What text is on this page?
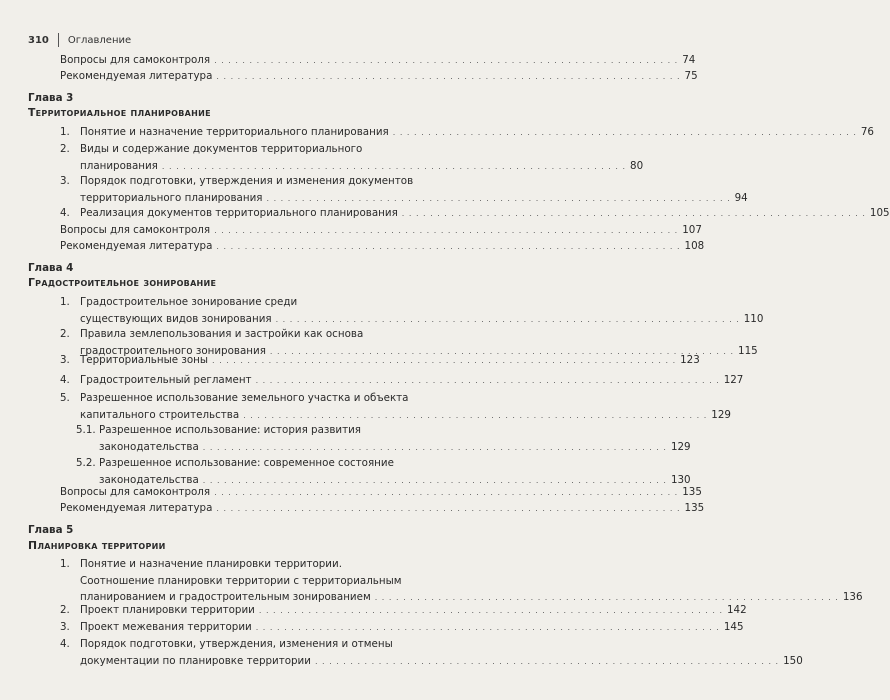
310 Оглавление
Вопросы для самоконтроля . . . . . . . . . . . . . . . . . . . . . . . . . . . . . . . . . . . . . . . . . . . . . . . . . . . . . . . . . . . . . . . . . . 74
Рекомендуемая литература . . . . . . . . . . . . . . . . . . . . . . . . . . . . . . . . . . . . . . . . . . . . . . . . . . . . . . . . . . . . . . . . . . 75
Глава 3
Территориальное планирование
1. Понятие и назначение территориального планирования . . . . . . . . . . . . . . . . . . . . . . . . . . . . . . . . . . . . . . . . . . . . . . . . . . . . . . . . . . . . . . . . . . 76
2. Виды и содержание документов территориального
планирования . . . . . . . . . . . . . . . . . . . . . . . . . . . . . . . . . . . . . . . . . . . . . . . . . . . . . . . . . . . . . . . . . . 80
3. Порядок подготовки, утверждения и изменения документов
территориального планирования . . . . . . . . . . . . . . . . . . . . . . . . . . . . . . . . . . . . . . . . . . . . . . . . . . . . . . . . . . . . . . . . . . 94
4. Реализация документов территориального планирования . . . . . . . . . . . . . . . . . . . . . . . . . . . . . . . . . . . . . . . . . . . . . . . . . . . . . . . . . . . . . . . . . . 105
Вопросы для самоконтроля . . . . . . . . . . . . . . . . . . . . . . . . . . . . . . . . . . . . . . . . . . . . . . . . . . . . . . . . . . . . . . . . . . 107
Рекомендуемая литература . . . . . . . . . . . . . . . . . . . . . . . . . . . . . . . . . . . . . . . . . . . . . . . . . . . . . . . . . . . . . . . . . . 108
Глава 4
Градостроительное зонирование
1. Градостроительное зонирование среди
существующих видов зонирования . . . . . . . . . . . . . . . . . . . . . . . . . . . . . . . . . . . . . . . . . . . . . . . . . . . . . . . . . . . . . . . . . . 110
2. Правила землепользования и застройки как основа
градостроительного зонирования . . . . . . . . . . . . . . . . . . . . . . . . . . . . . . . . . . . . . . . . . . . . . . . . . . . . . . . . . . . . . . . . . . 115
3. Территориальные зоны . . . . . . . . . . . . . . . . . . . . . . . . . . . . . . . . . . . . . . . . . . . . . . . . . . . . . . . . . . . . . . . . . . 123
4. Градостроительный регламент . . . . . . . . . . . . . . . . . . . . . . . . . . . . . . . . . . . . . . . . . . . . . . . . . . . . . . . . . . . . . . . . . . 127
5. Разрешенное использование земельного участка и объекта
капитального строительства . . . . . . . . . . . . . . . . . . . . . . . . . . . . . . . . . . . . . . . . . . . . . . . . . . . . . . . . . . . . . . . . . . 129
5.1. Разрешенное использование: история развития
законодательства . . . . . . . . . . . . . . . . . . . . . . . . . . . . . . . . . . . . . . . . . . . . . . . . . . . . . . . . . . . . . . . . . . 129
5.2. Разрешенное использование: современное состояние
законодательства . . . . . . . . . . . . . . . . . . . . . . . . . . . . . . . . . . . . . . . . . . . . . . . . . . . . . . . . . . . . . . . . . . 130
Вопросы для самоконтроля . . . . . . . . . . . . . . . . . . . . . . . . . . . . . . . . . . . . . . . . . . . . . . . . . . . . . . . . . . . . . . . . . . 135
Рекомендуемая литература . . . . . . . . . . . . . . . . . . . . . . . . . . . . . . . . . . . . . . . . . . . . . . . . . . . . . . . . . . . . . . . . . . 135
Глава 5
Планировка территории
1. Понятие и назначение планировки территории.
Соотношение планировки территории с территориальным
планированием и градостроительным зонированием . . . . . . . . . . . . . . . . . . . . . . . . . . . . . . . . . . . . . . . . . . . . . . . . . . . . . . . . . . . . . . . . . . 136
2. Проект планировки территории . . . . . . . . . . . . . . . . . . . . . . . . . . . . . . . . . . . . . . . . . . . . . . . . . . . . . . . . . . . . . . . . . . 142
3. Проект межевания территории . . . . . . . . . . . . . . . . . . . . . . . . . . . . . . . . . . . . . . . . . . . . . . . . . . . . . . . . . . . . . . . . . . 145
4. Порядок подготовки, утверждения, изменения и отмены
документации по планировке территории . . . . . . . . . . . . . . . . . . . . . . . . . . . . . . . . . . . . . . . . . . . . . . . . . . . . . . . . . . . . . . . . . . 150
